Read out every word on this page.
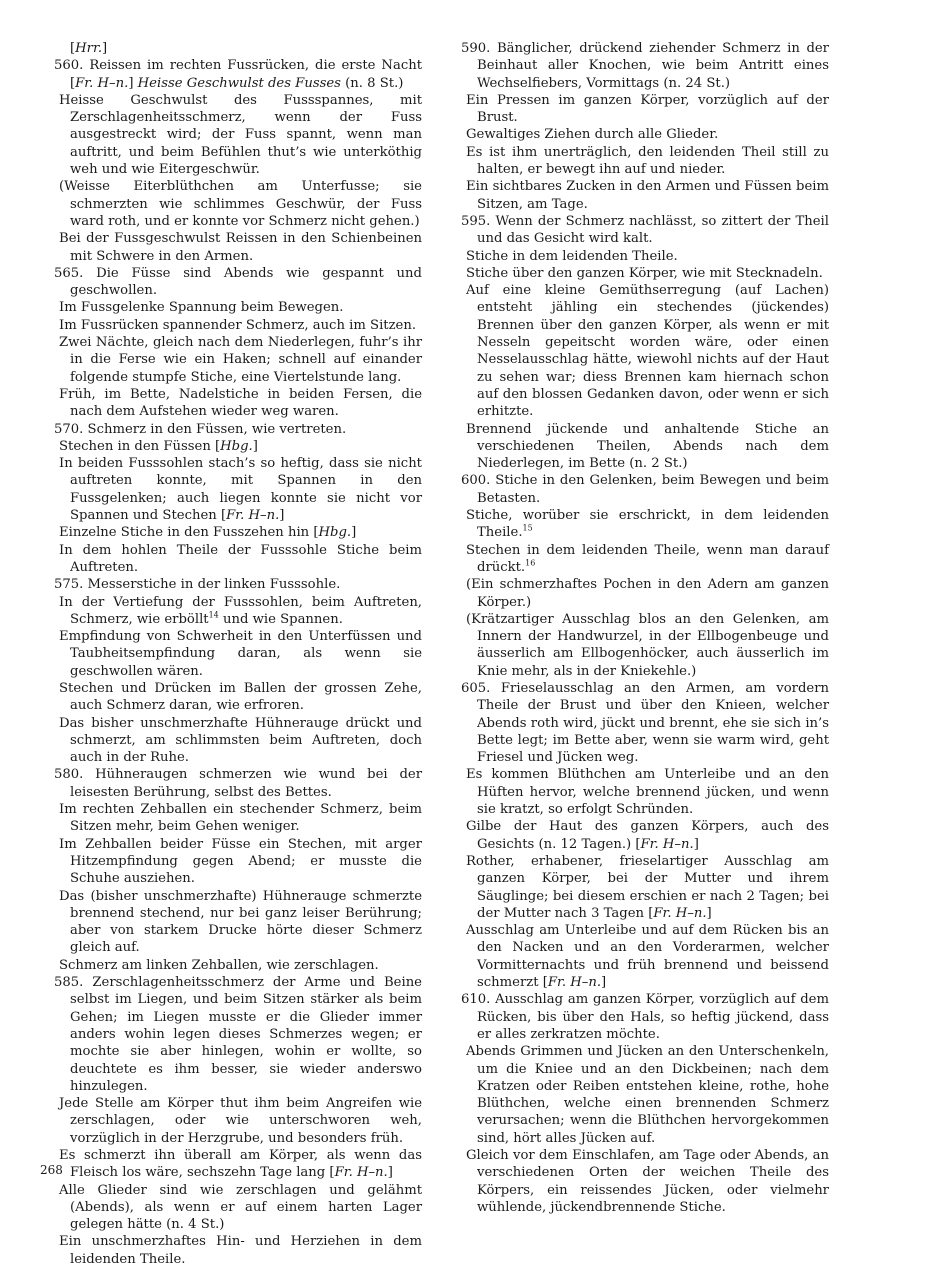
[Hrr.]

560. Reissen im rechten Fussrücken, die erste Nacht [Fr. H–n.] Heisse Geschwulst des Fusses (n. 8 St.)

Heisse Geschwulst des Fussspannes, mit Zerschlagenheitsschmerz, wenn der Fuss ausgestreckt wird; der Fuss spannt, wenn man auftritt, und beim Befühlen thut’s wie unterköthig weh und wie Eitergeschwür.

(Weisse Eiterblüthchen am Unterfusse; sie schmerzten wie schlimmes Geschwür, der Fuss ward roth, und er konnte vor Schmerz nicht gehen.)

Bei der Fussgeschwulst Reissen in den Schienbeinen mit Schwere in den Armen.

565. Die Füsse sind Abends wie gespannt und geschwollen.

Im Fussgelenke Spannung beim Bewegen.

Im Fussrücken spannender Schmerz, auch im Sitzen.

Zwei Nächte, gleich nach dem Niederlegen, fuhr’s ihr in die Ferse wie ein Haken; schnell auf einander folgende stumpfe Stiche, eine Viertelstunde lang.

Früh, im Bette, Nadelstiche in beiden Fersen, die nach dem Aufstehen wieder weg waren.

570. Schmerz in den Füssen, wie vertreten.

Stechen in den Füssen [Hbg.]

In beiden Fusssohlen stach’s so heftig, dass sie nicht auftreten konnte, mit Spannen in den Fussgelenken; auch liegen konnte sie nicht vor Spannen und Stechen [Fr. H–n.]

Einzelne Stiche in den Fusszehen hin [Hbg.]

In dem hohlen Theile der Fusssohle Stiche beim Auftreten.

575. Messerstiche in der linken Fusssohle.

In der Vertiefung der Fusssohlen, beim Auftreten, Schmerz, wie erböllt$^{14}$ und wie Spannen.

Empfindung von Schwerheit in den Unterfüssen und Taubheitsempfindung daran, als wenn sie geschwollen wären.

Stechen und Drücken im Ballen der grossen Zehe, auch Schmerz daran, wie erfroren.

Das bisher unschmerzhafte Hühnerauge drückt und schmerzt, am schlimmsten beim Auftreten, doch auch in der Ruhe.

580. Hühneraugen schmerzen wie wund bei der leisesten Berührung, selbst des Bettes.

Im rechten Zehballen ein stechender Schmerz, beim Sitzen mehr, beim Gehen weniger.

Im Zehballen beider Füsse ein Stechen, mit arger Hitzempfindung gegen Abend; er musste die Schuhe ausziehen.

Das (bisher unschmerzhafte) Hühnerauge schmerzte brennend stechend, nur bei ganz leiser Berührung; aber von starkem Drucke hörte dieser Schmerz gleich auf.

Schmerz am linken Zehballen, wie zerschlagen.

585. Zerschlagenheitsschmerz der Arme und Beine selbst im Liegen, und beim Sitzen stärker als beim Gehen; im Liegen musste er die Glieder immer anders wohin legen dieses Schmerzes wegen; er mochte sie aber hinlegen, wohin er wollte, so deuchtete es ihm besser, sie wieder anderswo hinzulegen.

Jede Stelle am Körper thut ihm beim Angreifen wie zerschlagen, oder wie unterschworen weh, vorzüglich in der Herzgrube, und besonders früh.

Es schmerzt ihn überall am Körper, als wenn das Fleisch los wäre, sechszehn Tage lang [Fr. H–n.]

Alle Glieder sind wie zerschlagen und gelähmt (Abends), als wenn er auf einem harten Lager gelegen hätte (n. 4 St.)

Ein unschmerzhaftes Hin- und Herziehen in dem leidenden Theile.

590. Bänglicher, drückend ziehender Schmerz in der Beinhaut aller Knochen, wie beim Antritt eines Wechselfiebers, Vormittags (n. 24 St.)

Ein Pressen im ganzen Körper, vorzüglich auf der Brust.

Gewaltiges Ziehen durch alle Glieder.

Es ist ihm unerträglich, den leidenden Theil still zu halten, er bewegt ihn auf und nieder.

Ein sichtbares Zucken in den Armen und Füssen beim Sitzen, am Tage.

595. Wenn der Schmerz nachlässt, so zittert der Theil und das Gesicht wird kalt.

Stiche in dem leidenden Theile.

Stiche über den ganzen Körper, wie mit Stecknadeln.

Auf eine kleine Gemüthserregung (auf Lachen) entsteht jähling ein stechendes (jückendes) Brennen über den ganzen Körper, als wenn er mit Nesseln gepeitscht worden wäre, oder einen Nesselausschlag hätte, wiewohl nichts auf der Haut zu sehen war; diess Brennen kam hiernach schon auf den blossen Gedanken davon, oder wenn er sich erhitzte.

Brennend jückende und anhaltende Stiche an verschiedenen Theilen, Abends nach dem Niederlegen, im Bette (n. 2 St.)

600. Stiche in den Gelenken, beim Bewegen und beim Betasten.

Stiche, worüber sie erschrickt, in dem leidenden Theile.$^{15}$

Stechen in dem leidenden Theile, wenn man darauf drückt.$^{16}$

(Ein schmerzhaftes Pochen in den Adern am ganzen Körper.)

(Krätzartiger Ausschlag blos an den Gelenken, am Innern der Handwurzel, in der Ellbogenbeuge und äusserlich am Ellbogenhöcker, auch äusserlich im Knie mehr, als in der Kniekehle.)

605. Frieselausschlag an den Armen, am vordern Theile der Brust und über den Knieen, welcher Abends roth wird, jückt und brennt, ehe sie sich in’s Bette legt; im Bette aber, wenn sie warm wird, geht Friesel und Jücken weg.

Es kommen Blüthchen am Unterleibe und an den Hüften hervor, welche brennend jücken, und wenn sie kratzt, so erfolgt Schründen.

Gilbe der Haut des ganzen Körpers, auch des Gesichts (n. 12 Tagen.) [Fr. H–n.]

Rother, erhabener, frieselartiger Ausschlag am ganzen Körper, bei der Mutter und ihrem Säuglinge; bei diesem erschien er nach 2 Tagen; bei der Mutter nach 3 Tagen [Fr. H–n.]

Ausschlag am Unterleibe und auf dem Rücken bis an den Nacken und an den Vorderarmen, welcher Vormitternachts und früh brennend und beissend schmerzt [Fr. H–n.]

610. Ausschlag am ganzen Körper, vorzüglich auf dem Rücken, bis über den Hals, so heftig jückend, dass er alles zerkratzen möchte.

Abends Grimmen und Jücken an den Unterschenkeln, um die Kniee und an den Dickbeinen; nach dem Kratzen oder Reiben entstehen kleine, rothe, hohe Blüthchen, welche einen brennenden Schmerz verursachen; wenn die Blüthchen hervorgekommen sind, hört alles Jücken auf.

Gleich vor dem Einschlafen, am Tage oder Abends, an verschiedenen Orten der weichen Theile des Körpers, ein reissendes Jücken, oder vielmehr wühlende, jückendbrennende Stiche.

268
